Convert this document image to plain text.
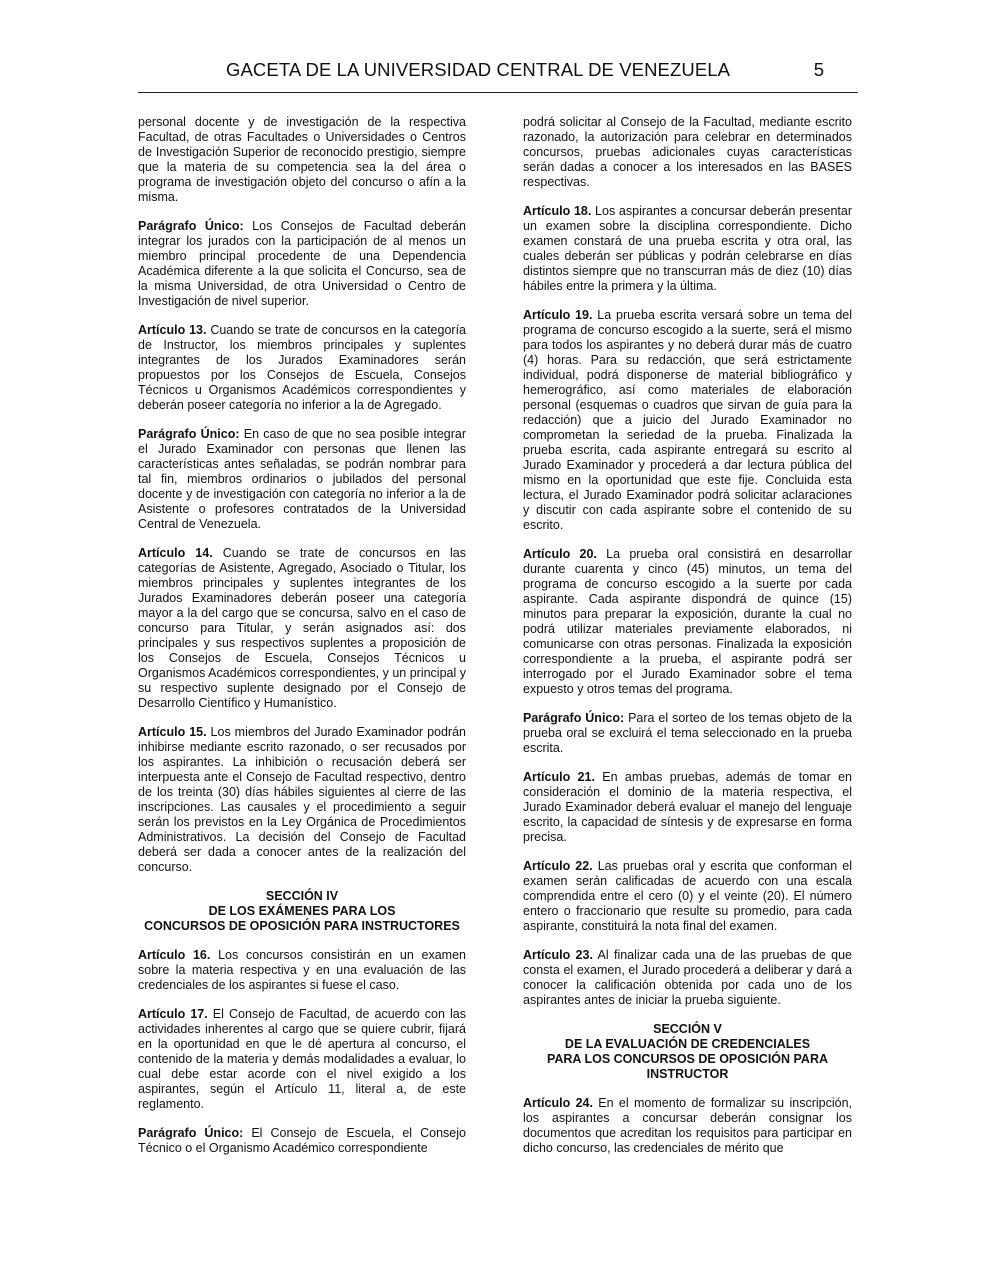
GACETA DE LA UNIVERSIDAD CENTRAL DE VENEZUELA	5

personal docente y de investigación de la respectiva Facultad, de otras Facultades o Universidades o Centros de Investigación Superior de reconocido prestigio, siempre que la materia de su competencia sea la del área o programa de investigación objeto del concurso o afín a la misma.

Parágrafo Único: Los Consejos de Facultad deberán integrar los jurados con la participación de al menos un miembro principal procedente de una Dependencia Académica diferente a la que solicita el Concurso, sea de la misma Universidad, de otra Universidad o Centro de Investigación de nivel superior.

Artículo 13. Cuando se trate de concursos en la categoría de Instructor, los miembros principales y suplentes integrantes de los Jurados Examinadores serán propuestos por los Consejos de Escuela, Consejos Técnicos u Organismos Académicos correspondientes y deberán poseer categoría no inferior a la de Agregado.

Parágrafo Único: En caso de que no sea posible integrar el Jurado Examinador con personas que llenen las características antes señaladas, se podrán nombrar para tal fin, miembros ordinarios o jubilados del personal docente y de investigación con categoría no inferior a la de Asistente o profesores contratados de la Universidad Central de Venezuela.

Artículo 14. Cuando se trate de concursos en las categorías de Asistente, Agregado, Asociado o Titular, los miembros principales y suplentes integrantes de los Jurados Examinadores deberán poseer una categoría mayor a la del cargo que se concursa, salvo en el caso de concurso para Titular, y serán asignados así: dos principales y sus respectivos suplentes a proposición de los Consejos de Escuela, Consejos Técnicos u Organismos Académicos correspondientes, y un principal y su respectivo suplente designado por el Consejo de Desarrollo Científico y Humanístico.

Artículo 15. Los miembros del Jurado Examinador podrán inhibirse mediante escrito razonado, o ser recusados por los aspirantes. La inhibición o recusación deberá ser interpuesta ante el Consejo de Facultad respectivo, dentro de los treinta (30) días hábiles siguientes al cierre de las inscripciones. Las causales y el procedimiento a seguir serán los previstos en la Ley Orgánica de Procedimientos Administrativos. La decisión del Consejo de Facultad deberá ser dada a conocer antes de la realización del concurso.

SECCIÓN IV
DE LOS EXÁMENES PARA LOS
CONCURSOS DE OPOSICIÓN PARA INSTRUCTORES

Artículo 16. Los concursos consistirán en un examen sobre la materia respectiva y en una evaluación de las credenciales de los aspirantes si fuese el caso.

Artículo 17. El Consejo de Facultad, de acuerdo con las actividades inherentes al cargo que se quiere cubrir, fijará en la oportunidad en que le dé apertura al concurso, el contenido de la materia y demás modalidades a evaluar, lo cual debe estar acorde con el nivel exigido a los aspirantes, según el Artículo 11, literal a, de este reglamento.

Parágrafo Único: El Consejo de Escuela, el Consejo Técnico o el Organismo Académico correspondiente

podrá solicitar al Consejo de la Facultad, mediante escrito razonado, la autorización para celebrar en determinados concursos, pruebas adicionales cuyas características serán dadas a conocer a los interesados en las BASES respectivas.

Artículo 18. Los aspirantes a concursar deberán presentar un examen sobre la disciplina correspondiente. Dicho examen constará de una prueba escrita y otra oral, las cuales deberán ser públicas y podrán celebrarse en días distintos siempre que no transcurran más de diez (10) días hábiles entre la primera y la última.

Artículo 19. La prueba escrita versará sobre un tema del programa de concurso escogido a la suerte, será el mismo para todos los aspirantes y no deberá durar más de cuatro (4) horas. Para su redacción, que será estrictamente individual, podrá disponerse de material bibliográfico y hemerográfico, así como materiales de elaboración personal (esquemas o cuadros que sirvan de guía para la redacción) que a juicio del Jurado Examinador no comprometan la seriedad de la prueba. Finalizada la prueba escrita, cada aspirante entregará su escrito al Jurado Examinador y procederá a dar lectura pública del mismo en la oportunidad que este fije. Concluida esta lectura, el Jurado Examinador podrá solicitar aclaraciones y discutir con cada aspirante sobre el contenido de su escrito.

Artículo 20. La prueba oral consistirá en desarrollar durante cuarenta y cinco (45) minutos, un tema del programa de concurso escogido a la suerte por cada aspirante. Cada aspirante dispondrá de quince (15) minutos para preparar la exposición, durante la cual no podrá utilizar materiales previamente elaborados, ni comunicarse con otras personas. Finalizada la exposición correspondiente a la prueba, el aspirante podrá ser interrogado por el Jurado Examinador sobre el tema expuesto y otros temas del programa.

Parágrafo Único: Para el sorteo de los temas objeto de la prueba oral se excluirá el tema seleccionado en la prueba escrita.

Artículo 21. En ambas pruebas, además de tomar en consideración el dominio de la materia respectiva, el Jurado Examinador deberá evaluar el manejo del lenguaje escrito, la capacidad de síntesis y de expresarse en forma precisa.

Artículo 22. Las pruebas oral y escrita que conforman el examen serán calificadas de acuerdo con una escala comprendida entre el cero (0) y el veinte (20). El número entero o fraccionario que resulte su promedio, para cada aspirante, constituirá la nota final del examen.

Artículo 23. Al finalizar cada una de las pruebas de que consta el examen, el Jurado procederá a deliberar y dará a conocer la calificación obtenida por cada uno de los aspirantes antes de iniciar la prueba siguiente.

SECCIÓN V
DE LA EVALUACIÓN DE CREDENCIALES
PARA LOS CONCURSOS DE OPOSICIÓN PARA
INSTRUCTOR

Artículo 24. En el momento de formalizar su inscripción, los aspirantes a concursar deberán consignar los documentos que acreditan los requisitos para participar en dicho concurso, las credenciales de mérito que
